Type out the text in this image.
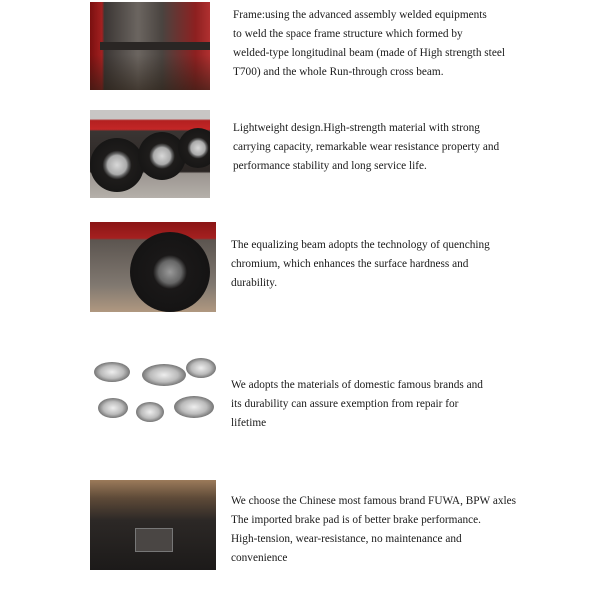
Frame:using the advanced assembly welded equipments
to weld the space frame structure which formed by
welded-type longitudinal beam (made of High strength steel
T700) and the whole Run-through cross beam.
Lightweight design.High-strength material with strong
carrying capacity, remarkable wear resistance property and
performance stability and long service life.
The equalizing beam adopts the technology of quenching
chromium, which enhances the surface hardness and
durability.
We adopts the materials of domestic famous brands and
its durability can assure exemption from repair for
lifetime
We choose the Chinese most famous brand FUWA, BPW axles
The imported brake pad is of better brake performance.
High-tension, wear-resistance, no maintenance and
convenience
